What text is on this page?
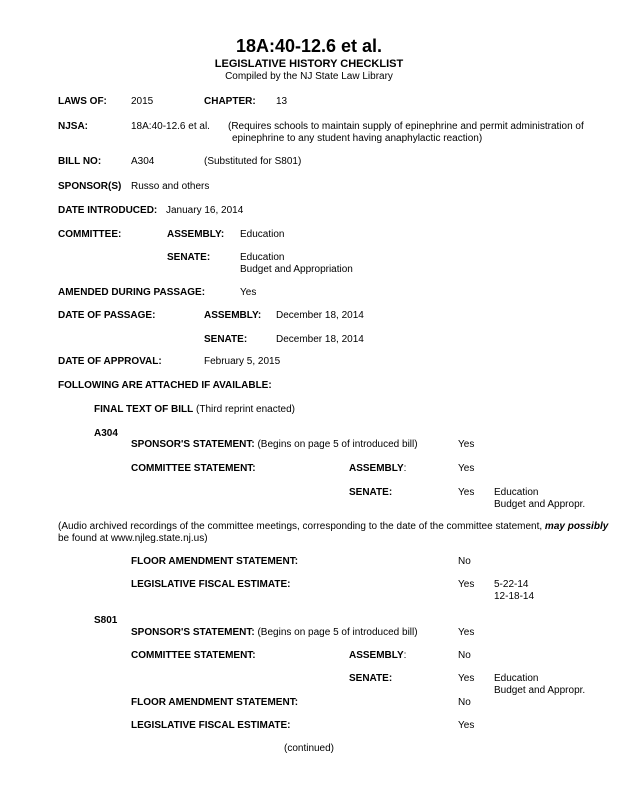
18A:40-12.6 et al.
LEGISLATIVE HISTORY CHECKLIST
Compiled by the NJ State Law Library
LAWS OF: 2015	CHAPTER: 13
NJSA:	18A:40-12.6 et al. (Requires schools to maintain supply of epinephrine and permit administration of
epinephrine to any student having anaphylactic reaction)
BILL NO:	A304	(Substituted for S801)
SPONSOR(S) Russo and others
DATE INTRODUCED: January 16, 2014
COMMITTEE:	ASSEMBLY: Education
SENATE:	Education
Budget and Appropriation
AMENDED DURING PASSAGE:	Yes
DATE OF PASSAGE:	ASSEMBLY: December 18, 2014
SENATE:	December 18, 2014
DATE OF APPROVAL:	February 5, 2015
FOLLOWING ARE ATTACHED IF AVAILABLE:
FINAL TEXT OF BILL (Third reprint enacted)
A304
SPONSOR'S STATEMENT: (Begins on page 5 of introduced bill)	Yes
COMMITTEE STATEMENT:	ASSEMBLY:	Yes
SENATE:	Yes Education
Budget and Appropr.
(Audio archived recordings of the committee meetings, corresponding to the date of the committee statement, may possibly
be found at www.njleg.state.nj.us)
FLOOR AMENDMENT STATEMENT:	No
LEGISLATIVE FISCAL ESTIMATE:	Yes 5-22-14
12-18-14
S801
SPONSOR'S STATEMENT: (Begins on page 5 of introduced bill)	Yes
COMMITTEE STATEMENT:	ASSEMBLY:	No
SENATE:	Yes Education
Budget and Appropr.
FLOOR AMENDMENT STATEMENT:	No
LEGISLATIVE FISCAL ESTIMATE:	Yes
(continued)
